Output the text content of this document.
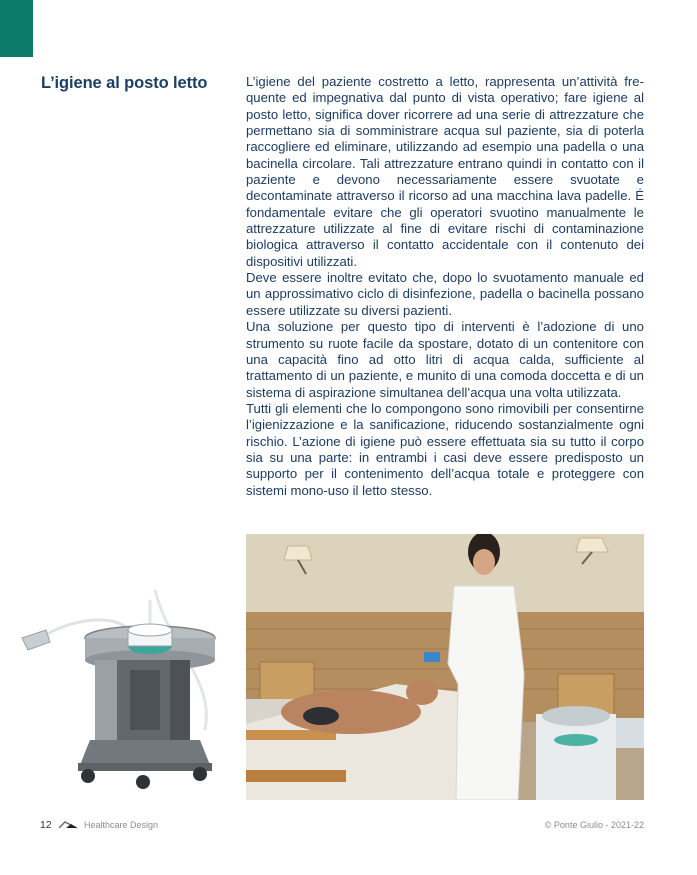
L’igiene al posto letto	L’igiene del paziente costretto a letto, rappresenta un’attività frequente ed impegnativa dal punto di vista operativo; fare igiene al posto letto, significa dover ricorrere ad una serie di attrezzature che permettano sia di somministrare acqua sul paziente, sia di poterla raccogliere ed eliminare, utilizzando ad esempio una padella o una bacinella circolare. Tali attrezzature entrano quindi in contatto con il paziente e devono necessariamente essere svuotate e decontaminate attraverso il ricorso ad una macchina lava padelle. É fondamentale evitare che gli operatori svuotino manualmente le attrezzature utilizzate al fine di evitare rischi di contaminazione biologica attraverso il contatto accidentale con il contenuto dei dispositivi utilizzati.

Deve essere inoltre evitato che, dopo lo svuotamento manuale ed un approssimativo ciclo di disinfezione, padella o bacinella possano essere utilizzate su diversi pazienti.

Una soluzione per questo tipo di interventi è l’adozione di uno strumento su ruote facile da spostare, dotato di un contenitore con una capacità fino ad otto litri di acqua calda, sufficiente al trattamento di un paziente, e munito di una comoda doccetta e di un sistema di aspirazione simultanea dell’acqua una volta utilizzata.

Tutti gli elementi che lo compongono sono rimovibili per consentirne l’igienizzazione e la sanificazione, riducendo sostanzialmente ogni rischio. L’azione di igiene può essere effettuata sia su tutto il corpo sia su una parte: in entrambi i casi deve essere predisposto un supporto per il contenimento dell’acqua totale e proteggere con sistemi mono-uso il letto stesso.

12	Healthcare Design	© Ponte Giulio - 2021-22
